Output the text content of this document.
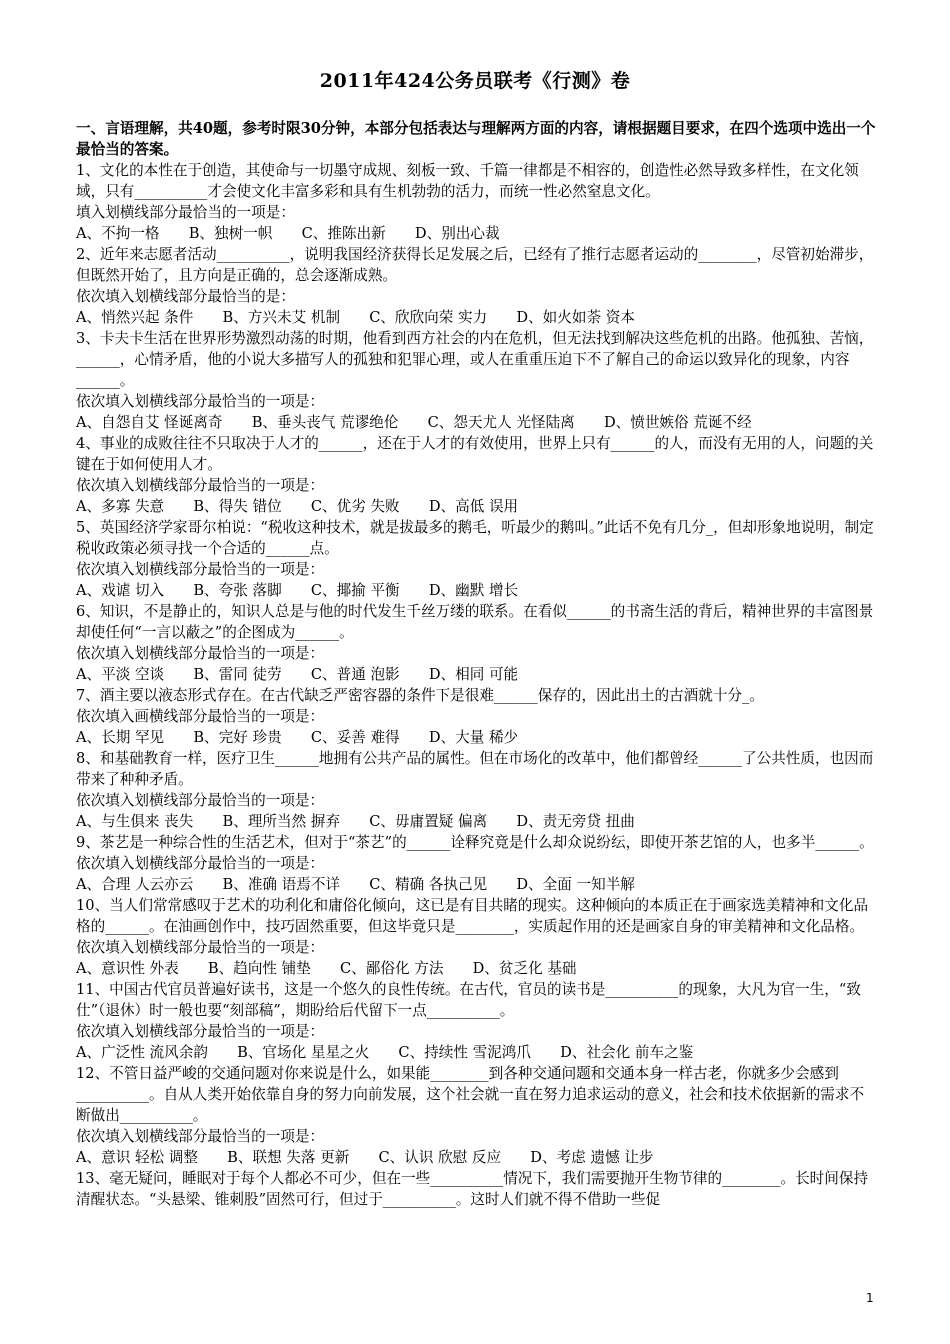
2011年424公务员联考《行测》卷

一、言语理解，共40题，参考时限30分钟，本部分包括表达与理解两方面的内容，请根据题目要求，在四个选项中选出一个最恰当的答案。

1、文化的本性在于创造，其使命与一切墨守成规、刻板一致、千篇一律都是不相容的，创造性必然导致多样性，在文化领域，只有__________才会使文化丰富多彩和具有生机勃勃的活力，而统一性必然窒息文化。

填入划横线部分最恰当的一项是：

A、不拘一格　　B、独树一帜　　C、推陈出新　　D、别出心裁

2、近年来志愿者活动__________，说明我国经济获得长足发展之后，已经有了推行志愿者运动的________，尽管初始滞步，但既然开始了，且方向是正确的，总会逐渐成熟。

依次填入划横线部分最恰当的是：

A、悄然兴起 条件　　B、方兴未艾 机制　　C、欣欣向荣 实力　　D、如火如荼 资本

3、卡夫卡生活在世界形势激烈动荡的时期，他看到西方社会的内在危机，但无法找到解决这些危机的出路。他孤独、苦恼，______，心情矛盾，他的小说大多描写人的孤独和犯罪心理，或人在重重压迫下不了解自己的命运以致异化的现象，内容______。

依次填入划横线部分最恰当的一项是：

A、自怨自艾 怪诞离奇　　B、垂头丧气 荒谬绝伦　　C、怨天尤人 光怪陆离　　D、愤世嫉俗 荒诞不经

4、事业的成败往往不只取决于人才的______，还在于人才的有效使用，世界上只有______的人，而没有无用的人，问题的关键在于如何使用人才。

依次填入划横线部分最恰当的一项是：

A、多寡 失意　　B、得失 错位　　C、优劣 失败　　D、高低 误用

5、英国经济学家哥尔柏说：“税收这种技术，就是拔最多的鹅毛，听最少的鹅叫。”此话不免有几分_，但却形象地说明，制定税收政策必须寻找一个合适的______点。

依次填入划横线部分最恰当的一项是：

A、戏谑 切入　　B、夸张 落脚　　C、揶揄 平衡　　D、幽默 增长

6、知识，不是静止的，知识人总是与他的时代发生千丝万缕的联系。在看似______的书斋生活的背后，精神世界的丰富图景却使任何“一言以蔽之”的企图成为______。

依次填入划横线部分最恰当的一项是：

A、平淡 空谈　　B、雷同 徒劳　　C、普通 泡影　　D、相同 可能

7、酒主要以液态形式存在。在古代缺乏严密容器的条件下是很难______保存的，因此出土的古酒就十分_。

依次填入画横线部分最恰当的一项是：

A、长期 罕见　　B、完好 珍贵　　C、妥善 难得　　D、大量 稀少

8、和基础教育一样，医疗卫生______地拥有公共产品的属性。但在市场化的改革中，他们都曾经______了公共性质，也因而带来了种种矛盾。

依次填入划横线部分最恰当的一项是：

A、与生俱来 丧失　　B、理所当然 摒弃　　C、毋庸置疑 偏离　　D、责无旁贷 扭曲

9、茶艺是一种综合性的生活艺术，但对于“茶艺”的______诠释究竟是什么却众说纷纭，即使开茶艺馆的人，也多半______。

依次填入划横线部分最恰当的一项是：

A、合理 人云亦云　　B、准确 语焉不详　　C、精确 各执己见　　D、全面 一知半解

10、当人们常常感叹于艺术的功利化和庸俗化倾向，这已是有目共睹的现实。这种倾向的本质正在于画家选美精神和文化品格的______。在油画创作中，技巧固然重要，但这毕竟只是________，实质起作用的还是画家自身的审美精神和文化品格。

依次填入划横线部分最恰当的一项是：

A、意识性 外表　　B、趋向性 铺垫　　C、鄙俗化 方法　　D、贫乏化 基础

11、中国古代官员普遍好读书，这是一个悠久的良性传统。在古代，官员的读书是__________的现象，大凡为官一生，“致仕”（退休）时一般也要“刻部稿”，期盼给后代留下一点__________。

依次填入划横线部分最恰当的一项是：

A、广泛性 流风余韵　　B、官场化 星星之火　　C、持续性 雪泥鸿爪　　D、社会化 前车之鉴

12、不管日益严峻的交通问题对你来说是什么，如果能________到各种交通问题和交通本身一样古老，你就多少会感到__________。自从人类开始依靠自身的努力向前发展，这个社会就一直在努力追求运动的意义，社会和技术依据新的需求不断做出__________。

依次填入划横线部分最恰当的一项是：

A、意识 轻松 调整　　B、联想 失落 更新　　C、认识 欣慰 反应　　D、考虑 遗憾 让步

13、毫无疑问，睡眠对于每个人都必不可少，但在一些__________情况下，我们需要抛开生物节律的________。长时间保持清醒状态。“头悬梁、锥刺股”固然可行，但过于__________。这时人们就不得不借助一些促

1
